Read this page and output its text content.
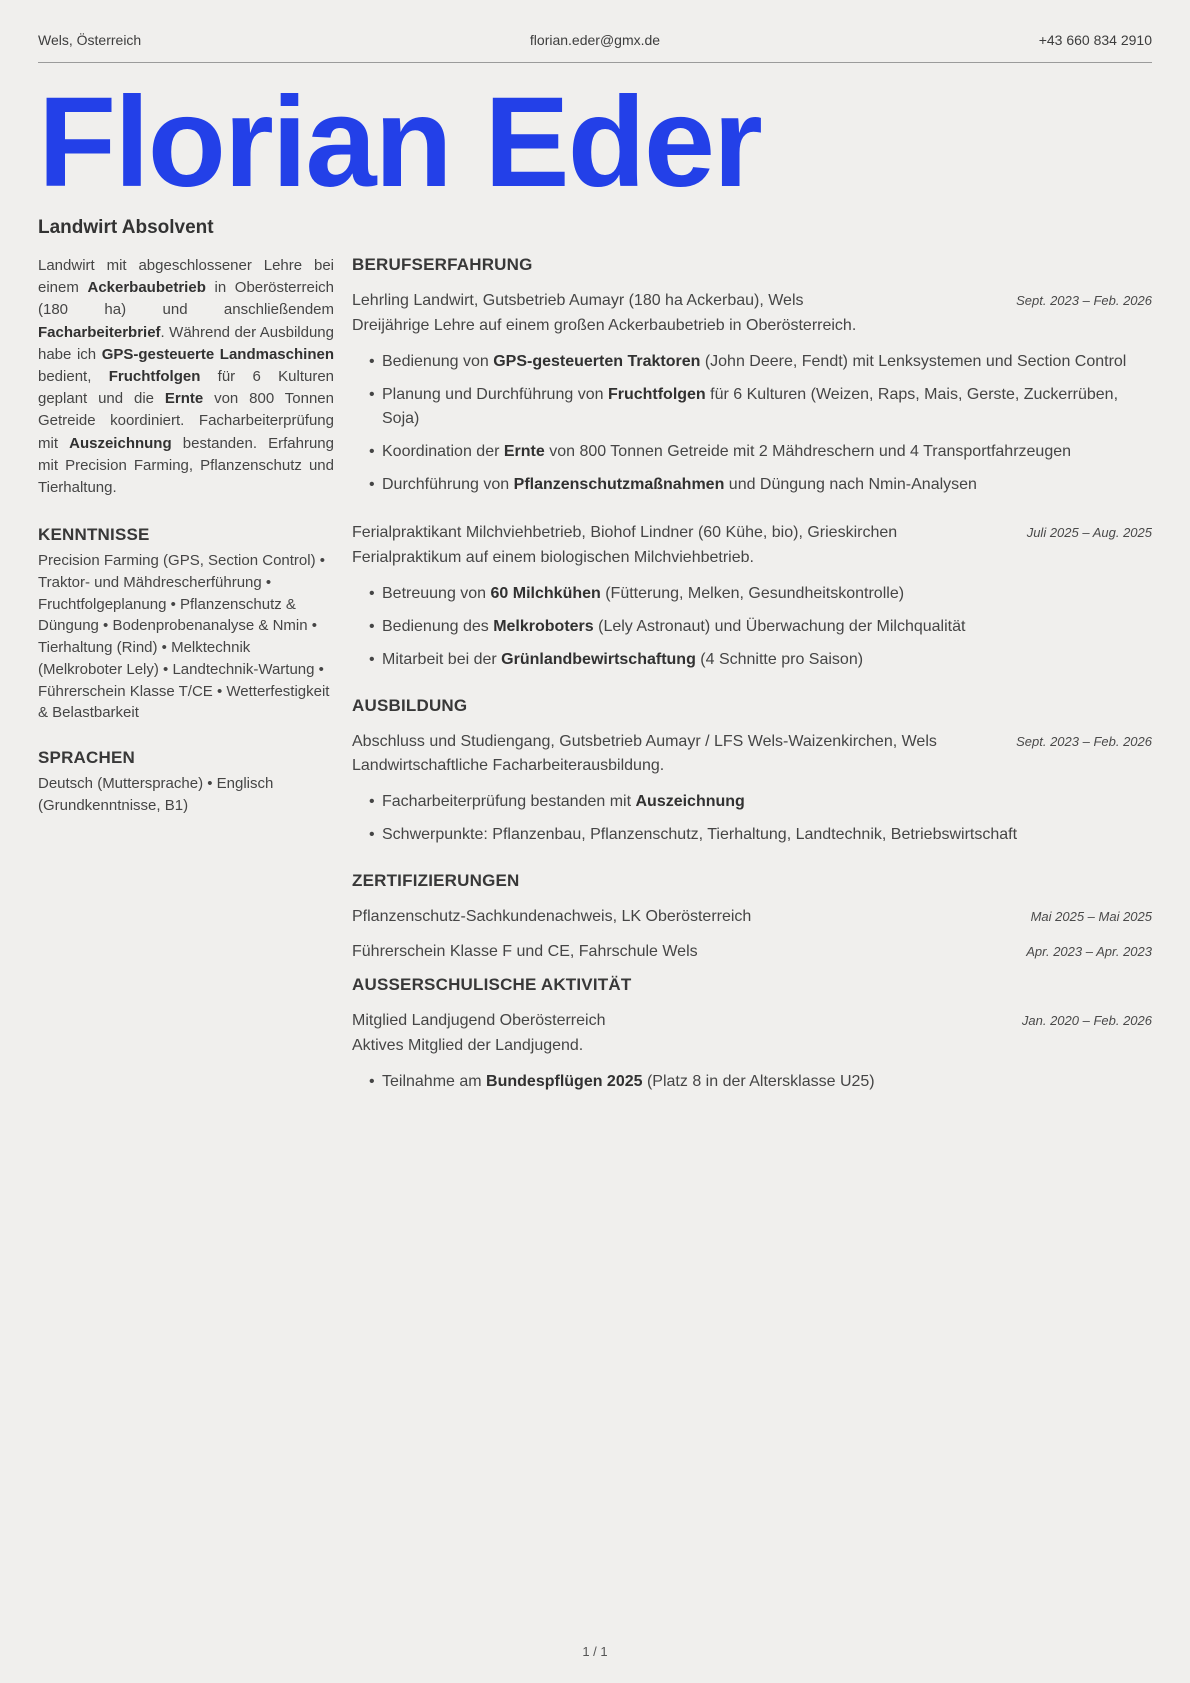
florian.eder@gmx.de
Wels, Österreich	+43 660 834 2910
Florian Eder
Landwirt Absolvent

Landwirt mit abgeschlossener Lehre bei einem Ackerbaubetrieb in Oberösterreich (180 ha) und anschließendem Facharbeiterbrief. Während der Ausbildung habe ich GPS-gesteuerte Landmaschinen bedient, Fruchtfolgen für 6 Kulturen geplant und die Ernte von 800 Tonnen Getreide koordiniert. Facharbeiterprüfung mit Auszeichnung bestanden. Erfahrung mit Precision Farming, Pflanzenschutz und Tierhaltung.

KENNTNISSE

Precision Farming (GPS, Section Control) • Traktor- und Mähdrescherführung • Fruchtfolgeplanung • Pflanzenschutz & Düngung • Bodenprobenanalyse & Nmin • Tierhaltung (Rind) • Melktechnik (Melkroboter Lely) • Landtechnik-Wartung • Führerschein Klasse T/CE • Wetterfestigkeit & Belastbarkeit

SPRACHEN

Deutsch (Muttersprache) • Englisch (Grundkenntnisse, B1)

BERUFSERFAHRUNG
Lehrling Landwirt, Gutsbetrieb Aumayr (180 ha Ackerbau), Wels	Sept. 2023 – Feb. 2026
Dreijährige Lehre auf einem großen Ackerbaubetrieb in Oberösterreich.
• Bedienung von GPS-gesteuerten Traktoren (John Deere, Fendt) mit Lenksystemen und Section Control
• Planung und Durchführung von Fruchtfolgen für 6 Kulturen (Weizen, Raps, Mais, Gerste, Zuckerrüben, Soja)
• Koordination der Ernte von 800 Tonnen Getreide mit 2 Mähdreschern und 4 Transportfahrzeugen
• Durchführung von Pflanzenschutzmaßnahmen und Düngung nach Nmin-Analysen
Ferialpraktikant Milchviehbetrieb, Biohof Lindner (60 Kühe, bio), Grieskirchen	Juli 2025 – Aug. 2025
Ferialpraktikum auf einem biologischen Milchviehbetrieb.
• Betreuung von 60 Milchkühen (Fütterung, Melken, Gesundheitskontrolle)
• Bedienung des Melkroboters (Lely Astronaut) und Überwachung der Milchqualität
• Mitarbeit bei der Grünlandbewirtschaftung (4 Schnitte pro Saison)
AUSBILDUNG
Abschluss und Studiengang, Gutsbetrieb Aumayr / LFS Wels-Waizenkirchen, Wels	Sept. 2023 – Feb. 2026
Landwirtschaftliche Facharbeiterausbildung.
• Facharbeiterprüfung bestanden mit Auszeichnung
• Schwerpunkte: Pflanzenbau, Pflanzenschutz, Tierhaltung, Landtechnik, Betriebswirtschaft
ZERTIFIZIERUNGEN
Pflanzenschutz-Sachkundenachweis, LK Oberösterreich	Mai 2025 – Mai 2025
Führerschein Klasse F und CE, Fahrschule Wels	Apr. 2023 – Apr. 2023
AUSSERSCHULISCHE AKTIVITÄT
Mitglied Landjugend Oberösterreich	Jan. 2020 – Feb. 2026
Aktives Mitglied der Landjugend.
• Teilnahme am Bundespflügen 2025 (Platz 8 in der Altersklasse U25)
1 / 1
